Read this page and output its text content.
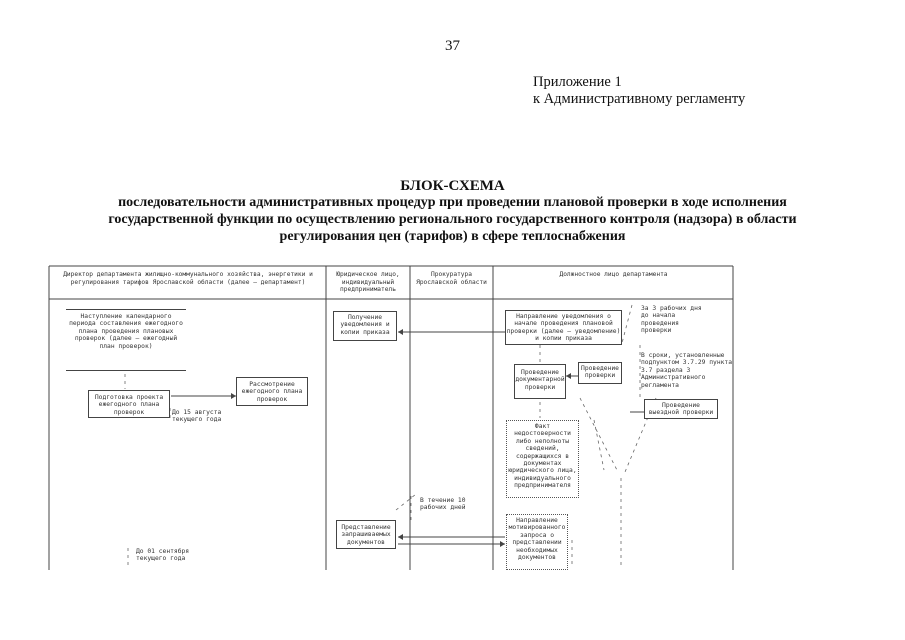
37
Приложение 1
к Административному регламенту
БЛОК-СХЕМА
последовательности административных процедур при проведении плановой проверки в ходе исполнения
государственной функции по осуществлению регионального государственного контроля (надзора) в области
регулирования цен (тарифов) в сфере теплоснабжения
Директор департамента жилищно-коммунального хозяйства, энергетики и регулирования тарифов Ярославской области (далее – департамент)
Юридическое лицо, индивидуальный предприниматель
Прокуратура Ярославской области
Должностное лицо департамента
Наступление календарного периода составления ежегодного плана проведения плановых проверок (далее – ежегодный план проверок)
Подготовка проекта ежегодного плана проверок
Рассмотрение ежегодного плана проверок
Получение уведомления и копии приказа
Направление уведомления о начале проведения плановой проверки (далее – уведомление) и копии приказа
Проведение документарной проверки
Проведение проверки
Проведение выездной проверки
Факт недостоверности либо неполноты сведений, содержащихся в документах юридического лица, индивидуального предпринимателя
Представление запрашиваемых документов
Направление мотивированного запроса о представлении необходимых документов
До 15 августа текущего года
До 01 сентября текущего года
За 3 рабочих дня до начала проведения проверки
В сроки, установленные подпунктом 3.7.29 пункта 3.7 раздела 3 Административного регламента
В течение 10 рабочих дней
